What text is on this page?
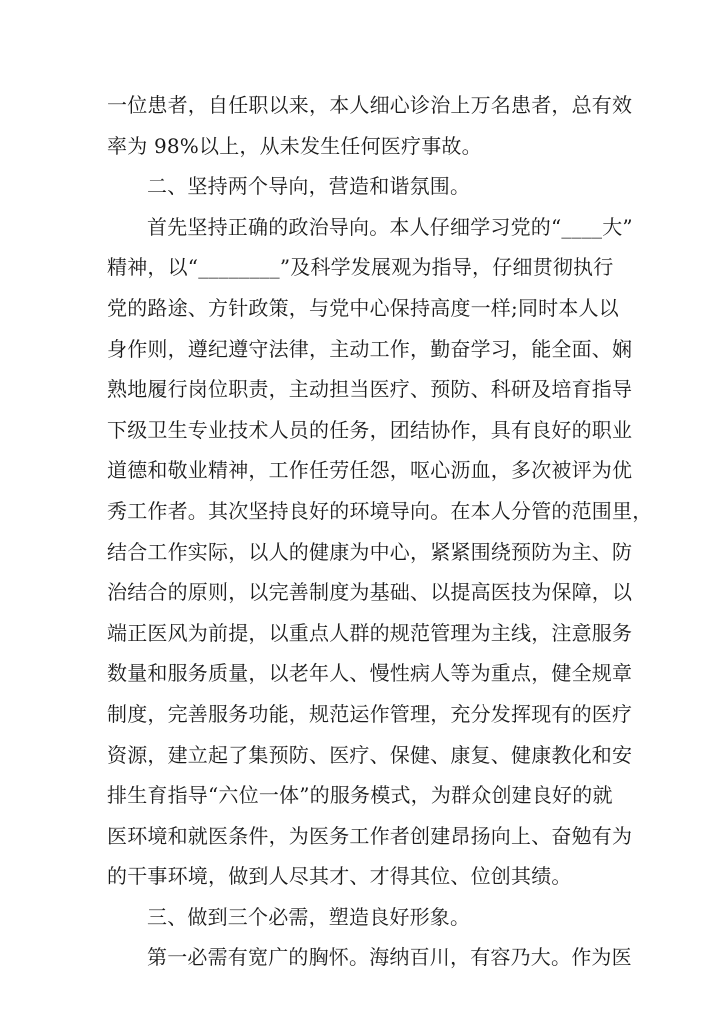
一位患者，自任职以来，本人细心诊治上万名患者，总有效
率为 98%以上，从未发生任何医疗事故。
二、坚持两个导向，营造和谐氛围。
首先坚持正确的政治导向。本人仔细学习党的“____大”
精神，以“________”及科学发展观为指导，仔细贯彻执行
党的路途、方针政策，与党中心保持高度一样;同时本人以
身作则，遵纪遵守法律，主动工作，勤奋学习，能全面、娴
熟地履行岗位职责，主动担当医疗、预防、科研及培育指导
下级卫生专业技术人员的任务，团结协作，具有良好的职业
道德和敬业精神，工作任劳任怨，呕心沥血，多次被评为优
秀工作者。其次坚持良好的环境导向。在本人分管的范围里，
结合工作实际，以人的健康为中心，紧紧围绕预防为主、防
治结合的原则，以完善制度为基础、以提高医技为保障，以
端正医风为前提，以重点人群的规范管理为主线，注意服务
数量和服务质量，以老年人、慢性病人等为重点，健全规章
制度，完善服务功能，规范运作管理，充分发挥现有的医疗
资源，建立起了集预防、医疗、保健、康复、健康教化和安
排生育指导“六位一体”的服务模式，为群众创建良好的就
医环境和就医条件，为医务工作者创建昂扬向上、奋勉有为
的干事环境，做到人尽其才、才得其位、位创其绩。
三、做到三个必需，塑造良好形象。
第一必需有宽广的胸怀。海纳百川，有容乃大。作为医
